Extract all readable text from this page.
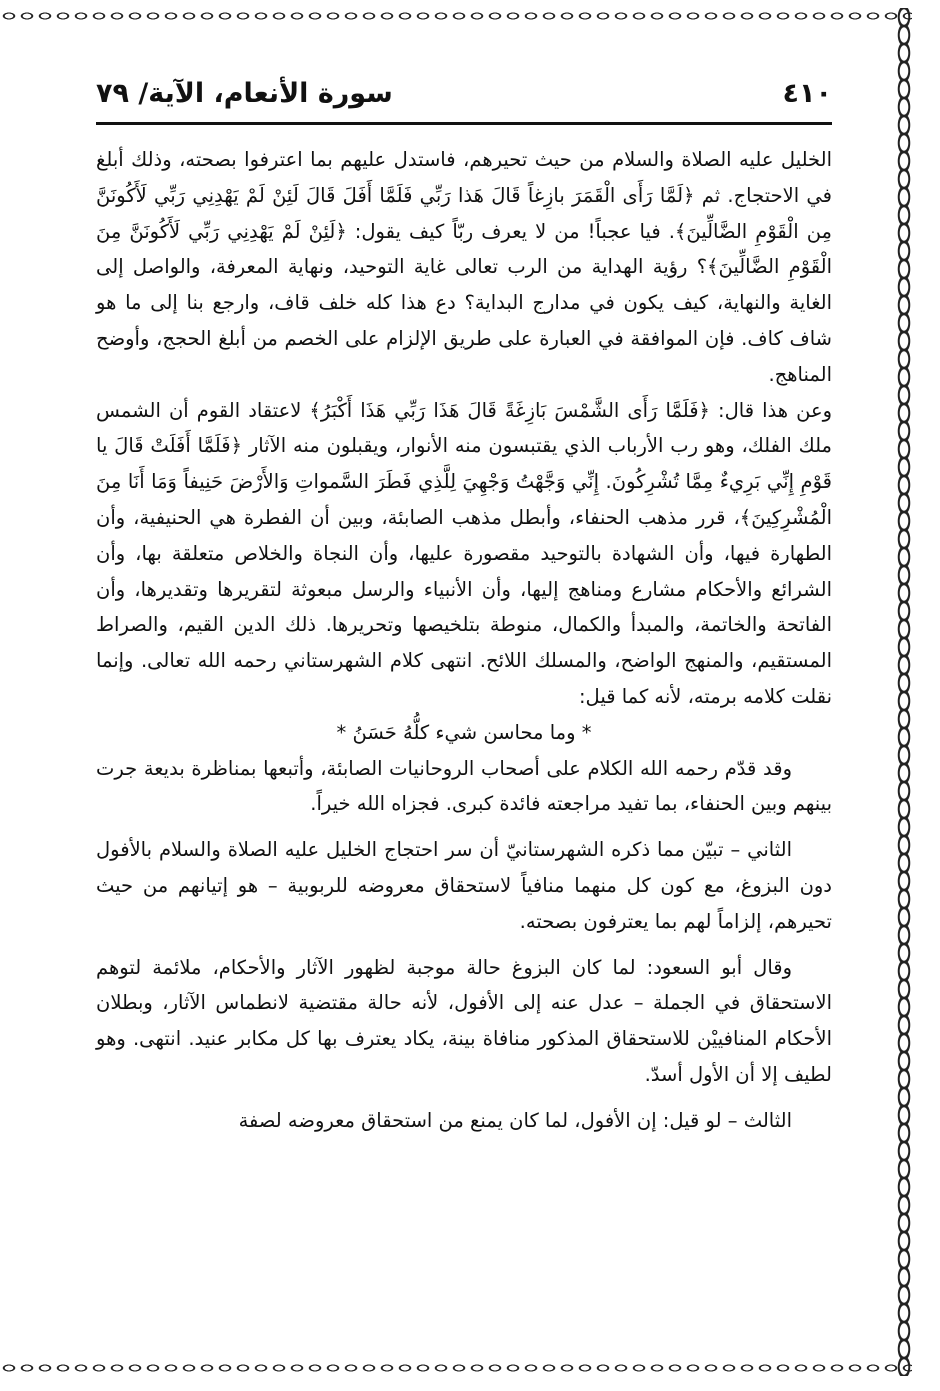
٤١٠
سورة الأنعام، الآية/ ٧٩

الخليل عليه الصلاة والسلام من حيث تحيرهم، فاستدل عليهم بما اعترفوا بصحته، وذلك أبلغ في الاحتجاج. ثم ﴿لَمَّا رَأَى الْقَمَرَ بازِغاً قَالَ هَذا رَبِّي فَلَمَّا أَفَلَ قَالَ لَئِنْ لَمْ يَهْدِنِي رَبِّي لَأَكُونَنَّ مِن الْقَوْمِ الضَّالِّينَ﴾. فيا عجباً! من لا يعرف ربّاً كيف يقول: ﴿لَئِنْ لَمْ يَهْدِنِي رَبِّي لَأَكُونَنَّ مِنَ الْقَوْمِ الضَّالِّينَ﴾؟ رؤية الهداية من الرب تعالى غاية التوحيد، ونهاية المعرفة، والواصل إلى الغاية والنهاية، كيف يكون في مدارج البداية؟ دع هذا كله خلف قاف، وارجع بنا إلى ما هو شاف كاف. فإن الموافقة في العبارة على طريق الإلزام على الخصم من أبلغ الحجج، وأوضح المناهج.

وعن هذا قال: ﴿فَلَمَّا رَأَى الشَّمْسَ بَازِغَةً قَالَ هَذَا رَبِّي هَذَا أَكْبَرُ﴾ لاعتقاد القوم أن الشمس ملك الفلك، وهو رب الأرباب الذي يقتبسون منه الأنوار، ويقبلون منه الآثار ﴿فَلَمَّا أَفَلَتْ قَالَ يا قَوْمِ إِنِّي بَرِيءٌ مِمَّا تُشْرِكُونَ. إِنِّي وَجَّهْتُ وَجْهِيَ لِلَّذِي فَطَرَ السَّمواتِ وَالأَرْضَ حَنِيفاً وَمَا أَنَا مِنَ الْمُشْرِكِينَ﴾، قرر مذهب الحنفاء، وأبطل مذهب الصابئة، وبين أن الفطرة هي الحنيفية، وأن الطهارة فيها، وأن الشهادة بالتوحيد مقصورة عليها، وأن النجاة والخلاص متعلقة بها، وأن الشرائع والأحكام مشارع ومناهج إليها، وأن الأنبياء والرسل مبعوثة لتقريرها وتقديرها، وأن الفاتحة والخاتمة، والمبدأ والكمال، منوطة بتلخيصها وتحريرها. ذلك الدين القيم، والصراط المستقيم، والمنهج الواضح، والمسلك اللائح. انتهى كلام الشهرستاني رحمه الله تعالى. وإنما نقلت كلامه برمته، لأنه كما قيل:

* وما محاسن شيء كلُّهُ حَسَنُ *

وقد قدّم رحمه الله الكلام على أصحاب الروحانيات الصابئة، وأتبعها بمناظرة بديعة جرت بينهم وبين الحنفاء، بما تفيد مراجعته فائدة كبرى. فجزاه الله خيراً.

الثاني – تبيّن مما ذكره الشهرستانيّ أن سر احتجاج الخليل عليه الصلاة والسلام بالأفول دون البزوغ، مع كون كل منهما منافياً لاستحقاق معروضه للربوبية – هو إتيانهم من حيث تحيرهم، إلزاماً لهم بما يعترفون بصحته.

وقال أبو السعود: لما كان البزوغ حالة موجبة لظهور الآثار والأحكام، ملائمة لتوهم الاستحقاق في الجملة – عدل عنه إلى الأفول، لأنه حالة مقتضية لانطماس الآثار، وبطلان الأحكام المنافييْن للاستحقاق المذكور منافاة بينة، يكاد يعترف بها كل مكابر عنيد. انتهى. وهو لطيف إلا أن الأول أسدّ.

الثالث – لو قيل: إن الأفول، لما كان يمنع من استحقاق معروضه لصفة
